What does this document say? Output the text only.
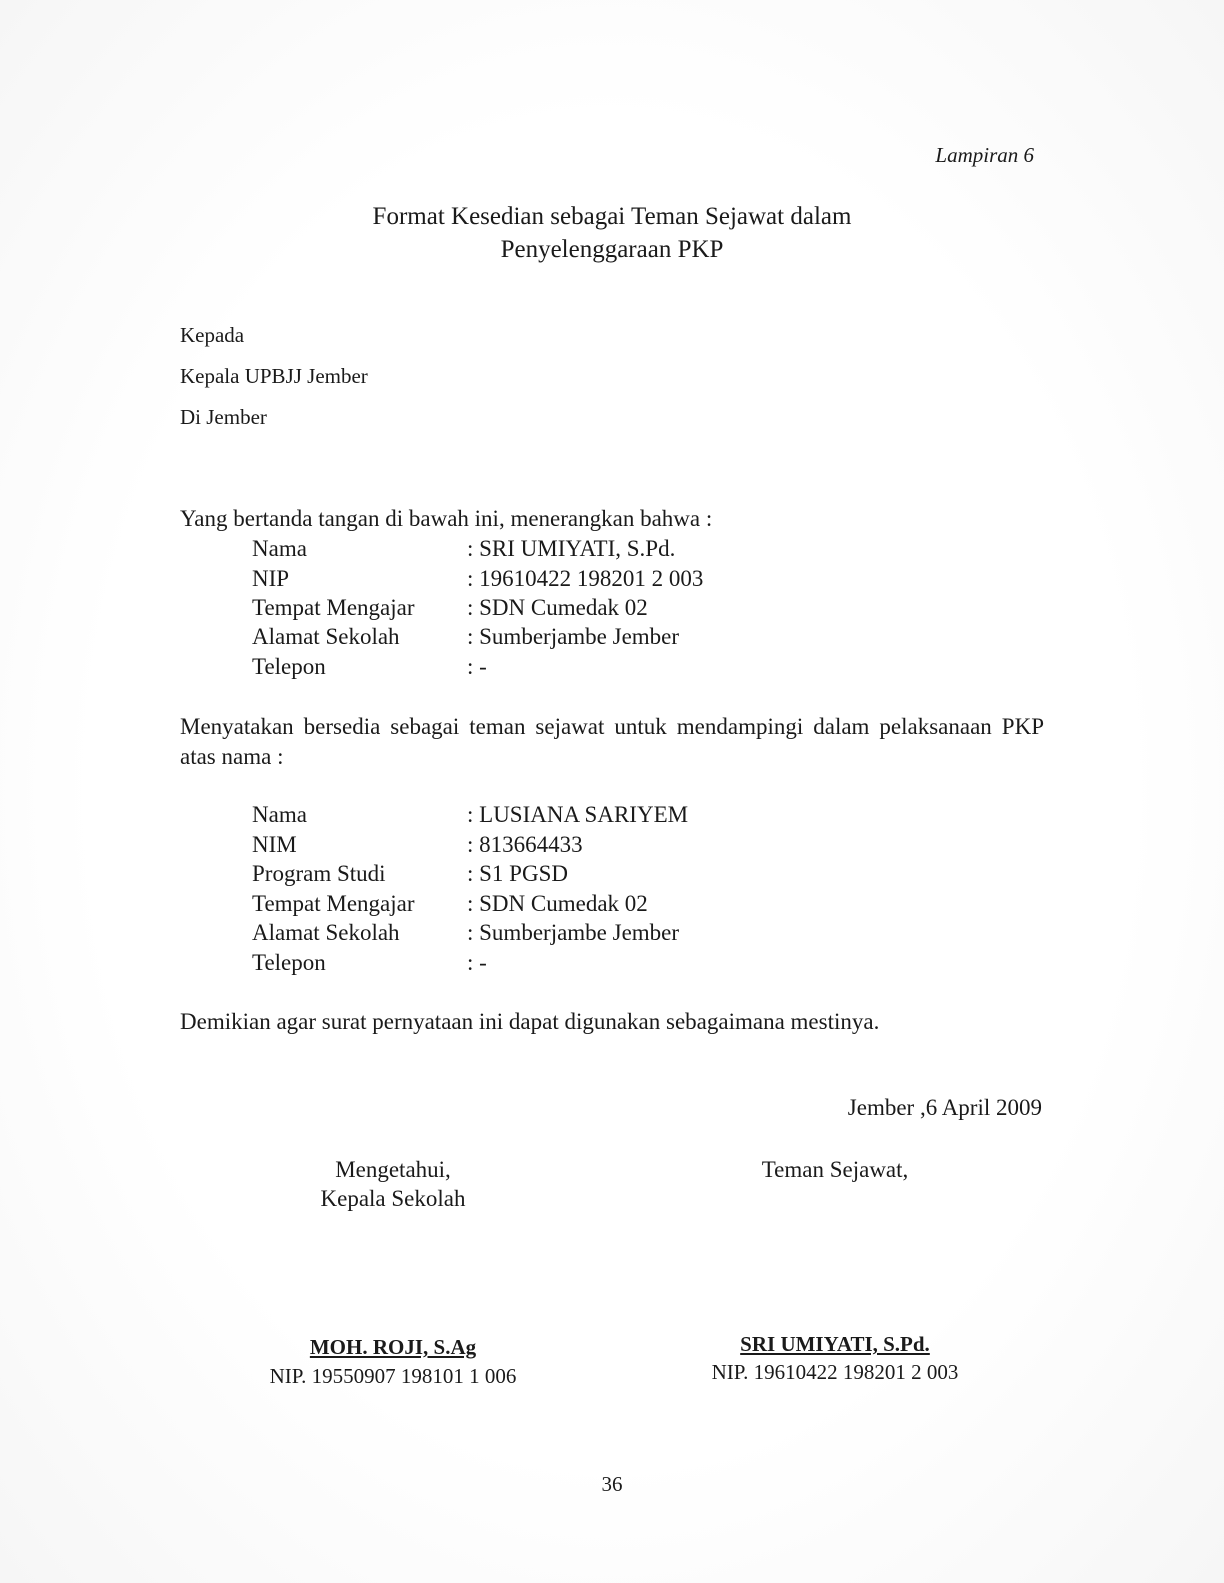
Lampiran 6
Format Kesedian sebagai Teman Sejawat dalam
Penyelenggaraan PKP
Kepada
Kepala UPBJJ Jember
Di Jember
Yang bertanda tangan di bawah ini, menerangkan bahwa :
Nama	: SRI UMIYATI, S.Pd.
NIP	: 19610422 198201 2 003
Tempat Mengajar : SDN Cumedak 02
Alamat Sekolah	: Sumberjambe Jember
Telepon	: -
Menyatakan bersedia sebagai teman sejawat untuk mendampingi dalam pelaksanaan PKP atas nama :
Nama	: LUSIANA SARIYEM
NIM	: 813664433
Program Studi	: S1 PGSD
Tempat Mengajar : SDN Cumedak 02
Alamat Sekolah	: Sumberjambe Jember
Telepon	: -
Demikian agar surat pernyataan ini dapat digunakan sebagaimana mestinya.
Jember ,6 April 2009
Mengetahui,
Kepala Sekolah
MOH. ROJI, S.Ag
NIP. 19550907 198101 1 006
Teman Sejawat,
SRI UMIYATI, S.Pd.
NIP. 19610422 198201 2 003
36
